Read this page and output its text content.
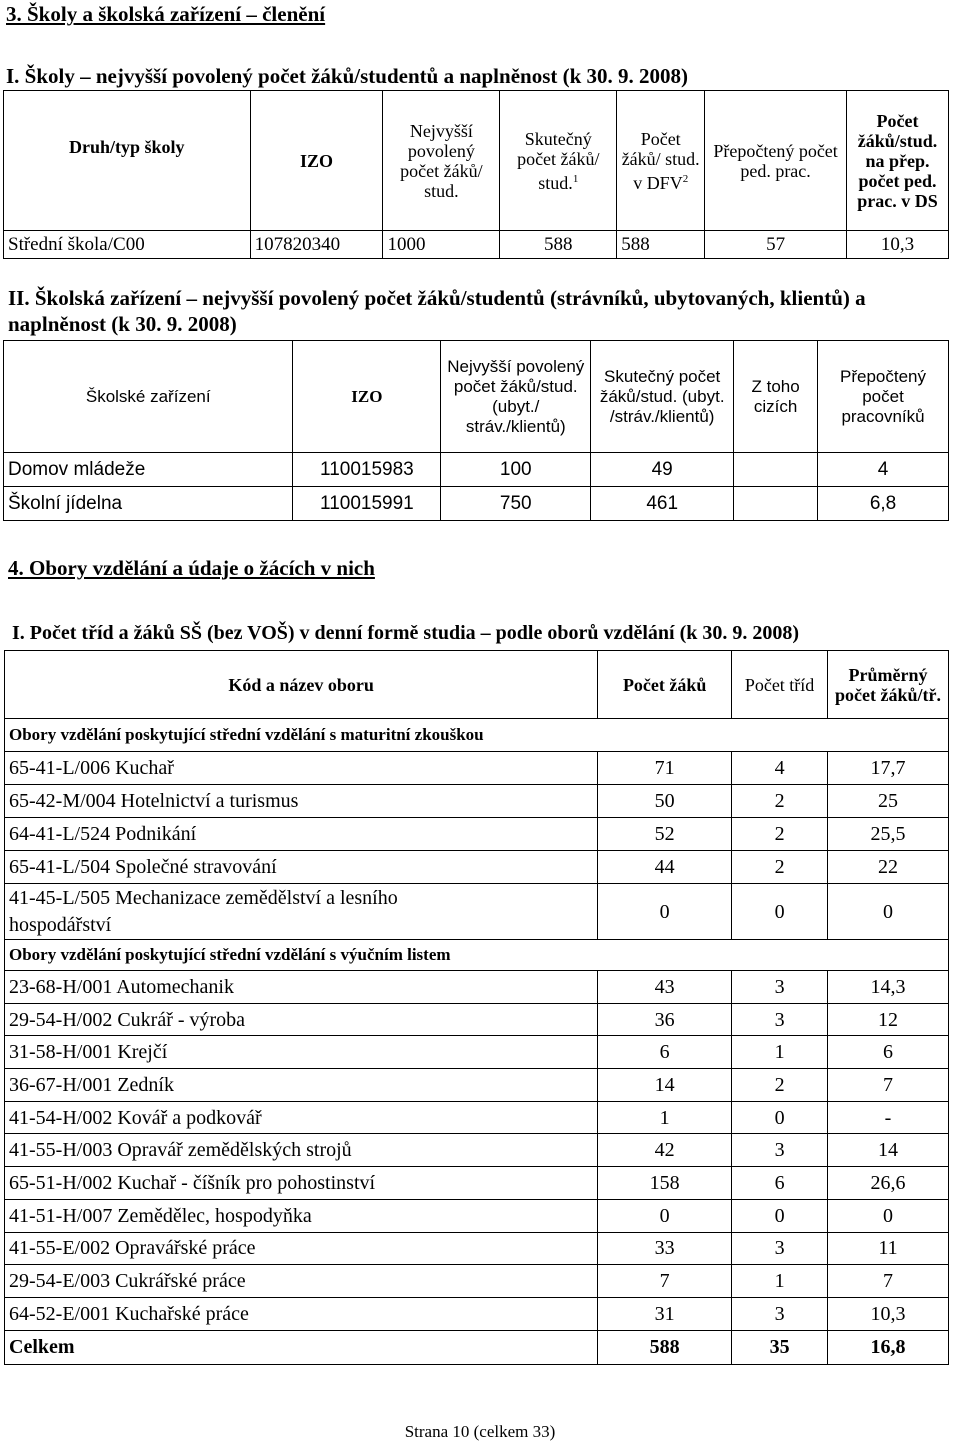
3. Školy a školská zařízení – členění
I. Školy – nejvyšší povolený počet žáků/studentů a naplněnost (k 30. 9. 2008)
Druh/typ školy	IZO	Nejvyšší povolený počet žáků/ stud.	Skutečný počet žáků/ stud.$^1$	Počet žáků/ stud. v DFV$^2$	Přepočtený počet ped. prac.	Počet žáků/stud. na přep. počet ped. prac. v DS
Střední škola/C00	107820340	1000	588	588	57	10,3
II. Školská zařízení – nejvyšší povolený počet žáků/studentů (strávníků, ubytovaných, klientů) a naplněnost (k 30. 9. 2008)
Školské zařízení	IZO	Nejvyšší povolený počet žáků/stud. (ubyt./ stráv./klientů)	Skutečný počet žáků/stud. (ubyt. /stráv./klientů)	Z toho cizích	Přepočtený počet pracovníků
Domov mládeže	110015983	100	49		4
Školní jídelna	110015991	750	461		6,8
4. Obory vzdělání a údaje o žácích v nich
I. Počet tříd a žáků SŠ (bez VOŠ) v denní formě studia – podle oborů vzdělání (k 30. 9. 2008)
Kód a název oboru	Počet žáků	Počet tříd	Průměrný počet žáků/tř.
Obory vzdělání poskytující střední vzdělání s maturitní zkouškou			
65-41-L/006 Kuchař	71	4	17,7
65-42-M/004 Hotelnictví a turismus	50	2	25
64-41-L/524 Podnikání	52	2	25,5
65-41-L/504 Společné stravování	44	2	22

41-45-L/505 Mechanizace zemědělství a lesního
hospodářství	0	0	0
Obory vzdělání poskytující střední vzdělání s výučním listem			
23-68-H/001 Automechanik	43	3	14,3
29-54-H/002 Cukrář - výroba	36	3	12
31-58-H/001 Krejčí	6	1	6
36-67-H/001 Zedník	14	2	7
41-54-H/002 Kovář a podkovář	1	0	-
41-55-H/003 Opravář zemědělských strojů	42	3	14
65-51-H/002 Kuchař - číšník pro pohostinství	158	6	26,6
41-51-H/007 Zemědělec, hospodyňka	0	0	0
41-55-E/002 Opravářské práce	33	3	11
29-54-E/003 Cukrářské práce	7	1	7
64-52-E/001 Kuchařské práce	31	3	10,3
Celkem	588	35	16,8
Strana 10 (celkem 33)
